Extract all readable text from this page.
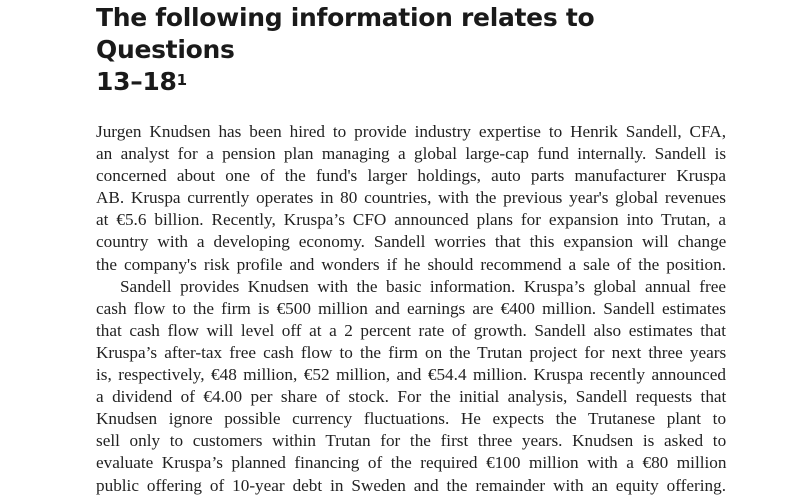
The following information relates to Questions
$13-18^1$
Jurgen Knudsen has been hired to provide industry expertise to Henrik Sandell, CFA,
an analyst for a pension plan managing a global large-cap fund internally. Sandell is
concerned about one of the fund's larger holdings, auto parts manufacturer Kruspa
AB. Kruspa currently operates in 80 countries, with the previous year's global revenues
at €5.6 billion. Recently, Kruspa’s CFO announced plans for expansion into Trutan, a
country with a developing economy. Sandell worries that this expansion will change
the company's risk profile and wonders if he should recommend a sale of the position.
Sandell provides Knudsen with the basic information. Kruspa’s global annual free
cash flow to the firm is €500 million and earnings are €400 million. Sandell estimates
that cash flow will level off at a 2 percent rate of growth. Sandell also estimates that
Kruspa’s after-tax free cash flow to the firm on the Trutan project for next three years
is, respectively, €48 million, €52 million, and €54.4 million. Kruspa recently announced
a dividend of €4.00 per share of stock. For the initial analysis, Sandell requests that
Knudsen ignore possible currency fluctuations. He expects the Trutanese plant to
sell only to customers within Trutan for the first three years. Knudsen is asked to
evaluate Kruspa’s planned financing of the required €100 million with a €80 million
public offering of 10-year debt in Sweden and the remainder with an equity offering.
